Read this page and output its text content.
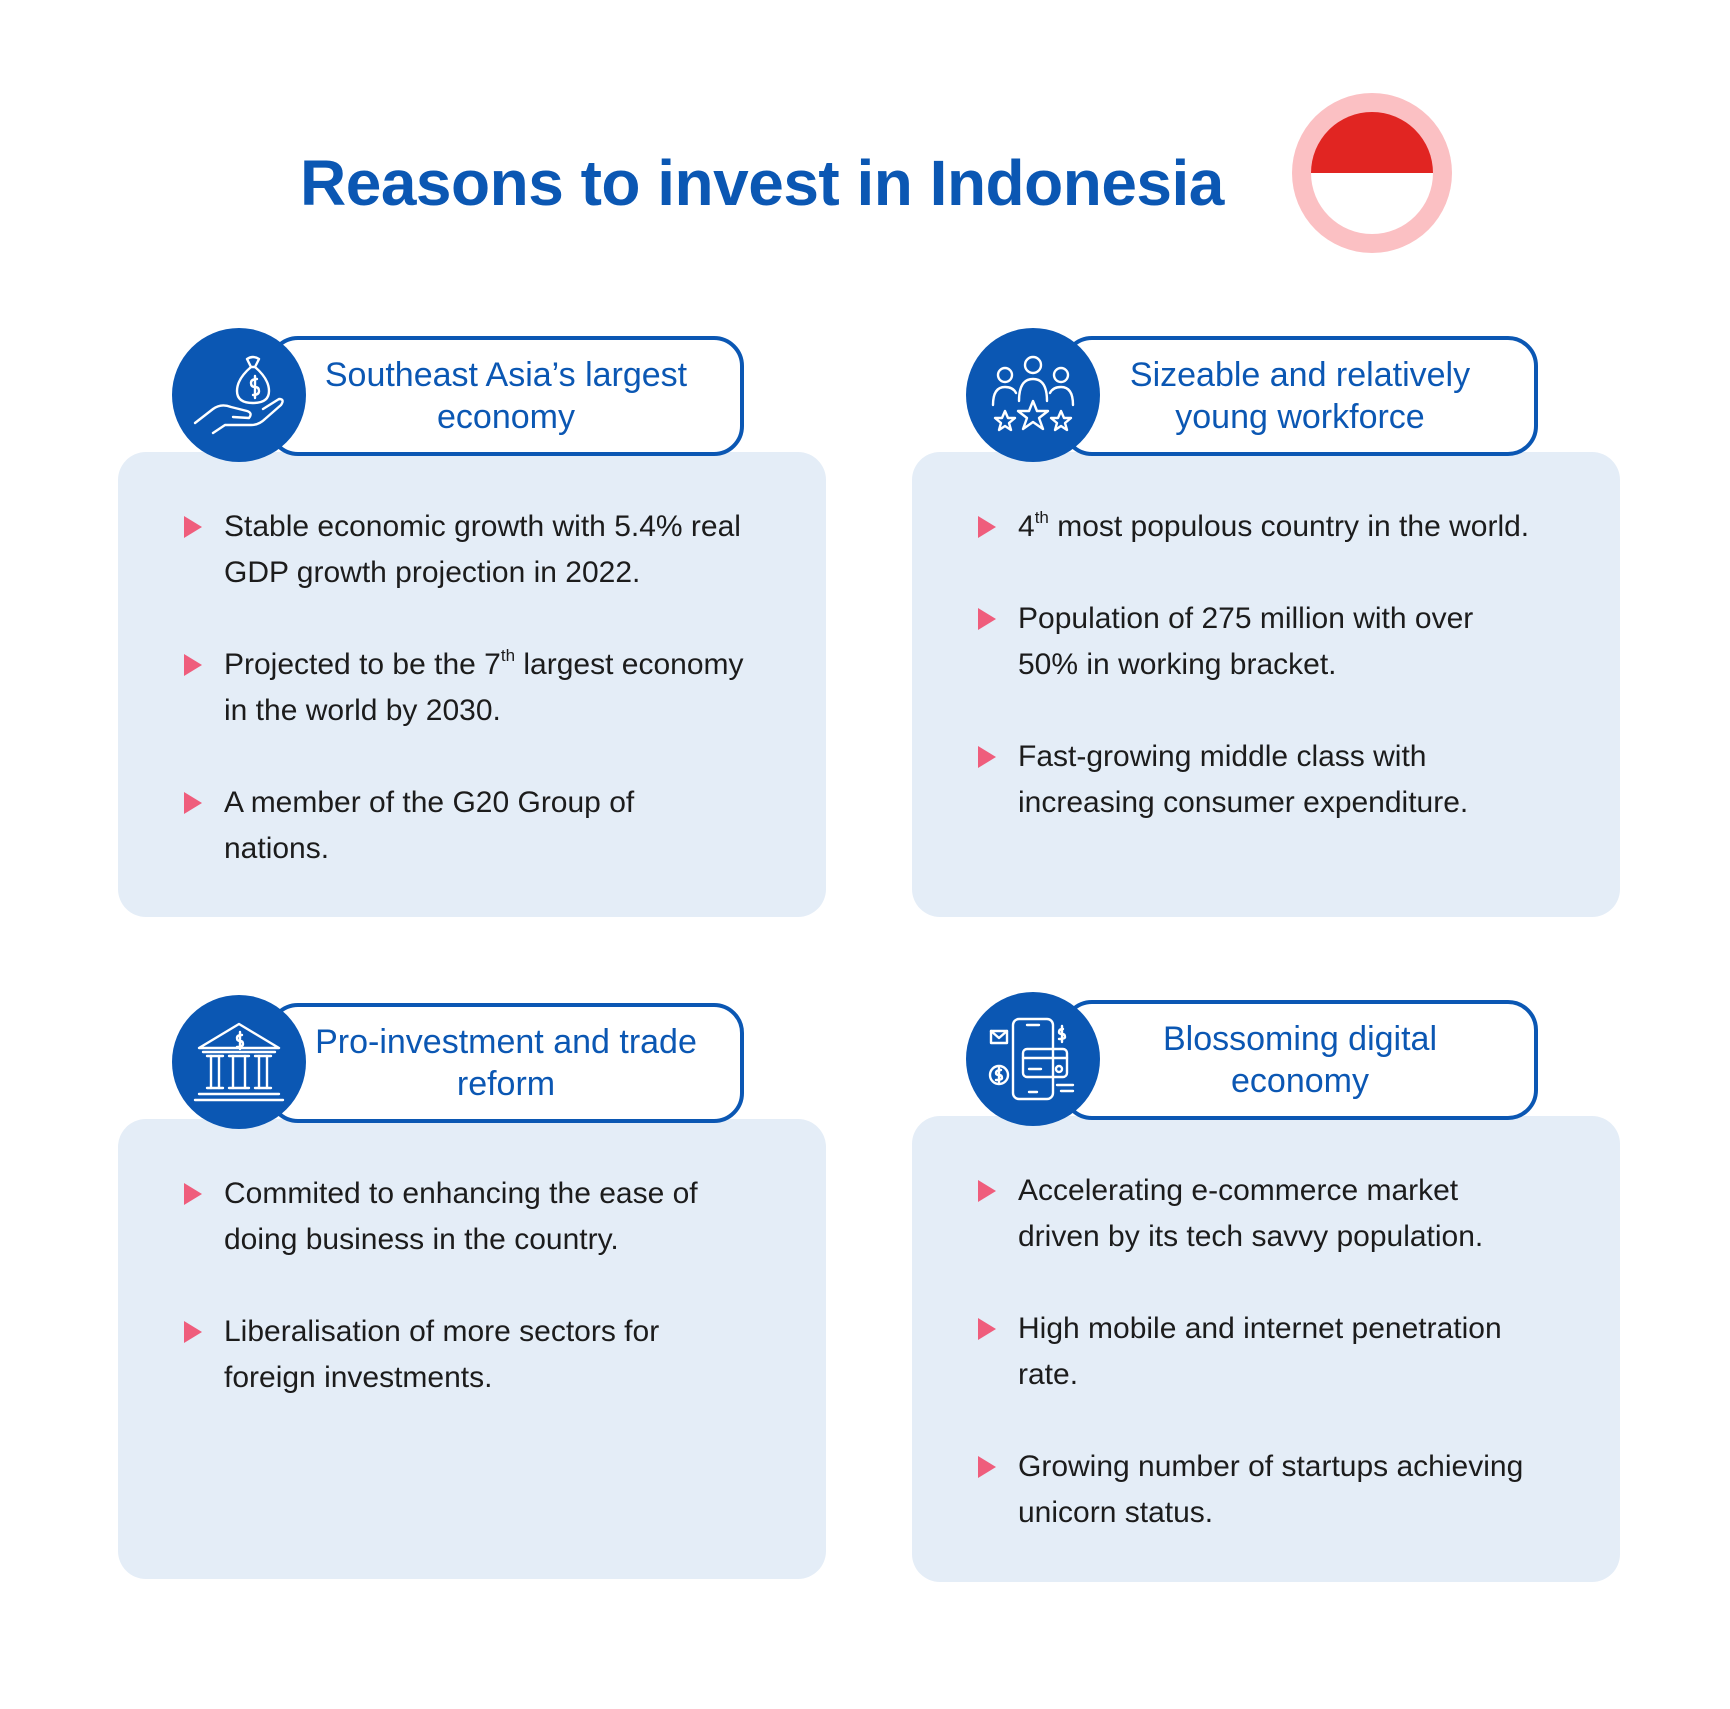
Reasons to invest in Indonesia
Stable economic growth with 5.4% real GDP growth projection in 2022.
Projected to be the 7th largest economy in the world by 2030.
A member of the G20 Group of nations.
Southeast Asia’s largest economy
4th most populous country in the world.
Population of 275 million with over 50% in working bracket.
Fast-growing middle class with increasing consumer expenditure.
Sizeable and relatively young workforce
Commited to enhancing the ease of doing business in the country.
Liberalisation of more sectors for foreign investments.
Pro-investment and trade reform
Accelerating e-commerce market driven by its tech savvy population.
High mobile and internet penetration rate.
Growing number of startups achieving unicorn status.
Blossoming digital economy
